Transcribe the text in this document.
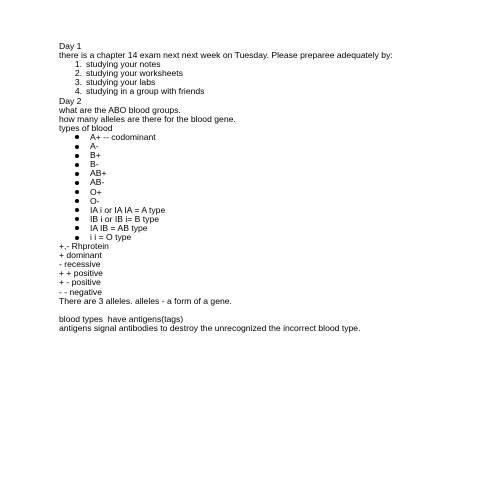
Day 1
there is a chapter 14 exam next next week on Tuesday. Please preparee adequately by:
1. studying your notes
2. studying your worksheets
3. studying your labs
4. studying in a group with friends
Day 2
what are the ABO blood groups.
how many alleles are there for the blood gene.
types of blood
A+ -- codominant
A-
B+
B-
AB+
AB-
O+
O-
IA i or IA IA = A type
IB i or IB i= B type
IA IB = AB type
i i = O type
+,- Rhprotein
+ dominant
- recessive
+ + positive
+ - positive
- - negative
There are 3 alleles. alleles - a form of a gene.
blood types  have antigens(tags)
antigens signal antibodies to destroy the unrecognized the incorrect blood type.
